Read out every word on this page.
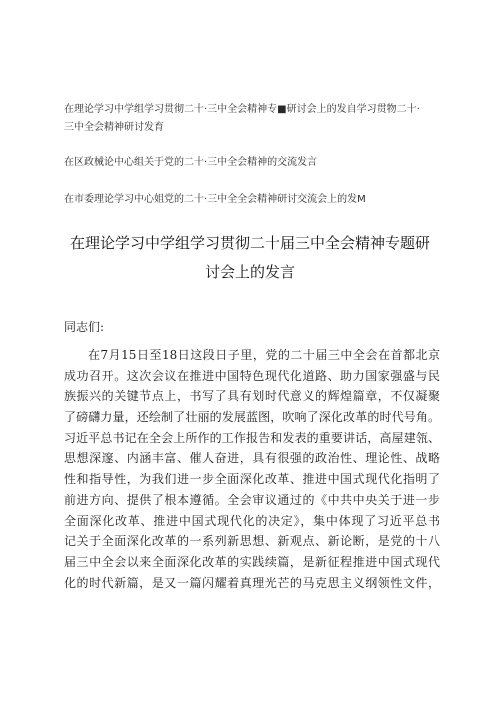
在理论学习中学组学习贯彻二十·三中全会精神专■研讨会上的发自学习贯物二十·
三中全会精神研讨发育
在区政械论中心组关于党的二十·三中全会精神的交流发言
在市委理论学习中心姐党的二十·三中全全会精神研讨交流会上的发M
在理论学习中学组学习贯彻二十届三中全会精神专题研
讨会上的发言
同志们:
在7月15日至18日这段日子里，党的二十届三中全会在首都北京
成功召开。这次会议在推进中国特色现代化道路、助力国家强盛与民
族振兴的关键节点上，书写了具有划时代意义的辉煌篇章，不仅凝聚
了磅礴力量，还绘制了壮丽的发展蓝图，吹响了深化改革的时代号角。
习近平总书记在全会上所作的工作报告和发表的重要讲话，高屋建瓴、
思想深邃、内涵丰富、催人奋进，具有很强的政治性、理论性、战略
性和指导性，为我们进一步全面深化改革、推进中国式现代化指明了
前进方向、提供了根本遵循。全会审议通过的《中共中央关于进一步
全面深化改革、推进中国式现代化的决定》，集中体现了习近平总书
记关于全面深化改革的一系列新思想、新观点、新论断，是党的十八
届三中全会以来全面深化改革的实践续篇，是新征程推进中国式现代
化的时代新篇，是又一篇闪耀着真理光芒的马克思主义纲领性文件，
